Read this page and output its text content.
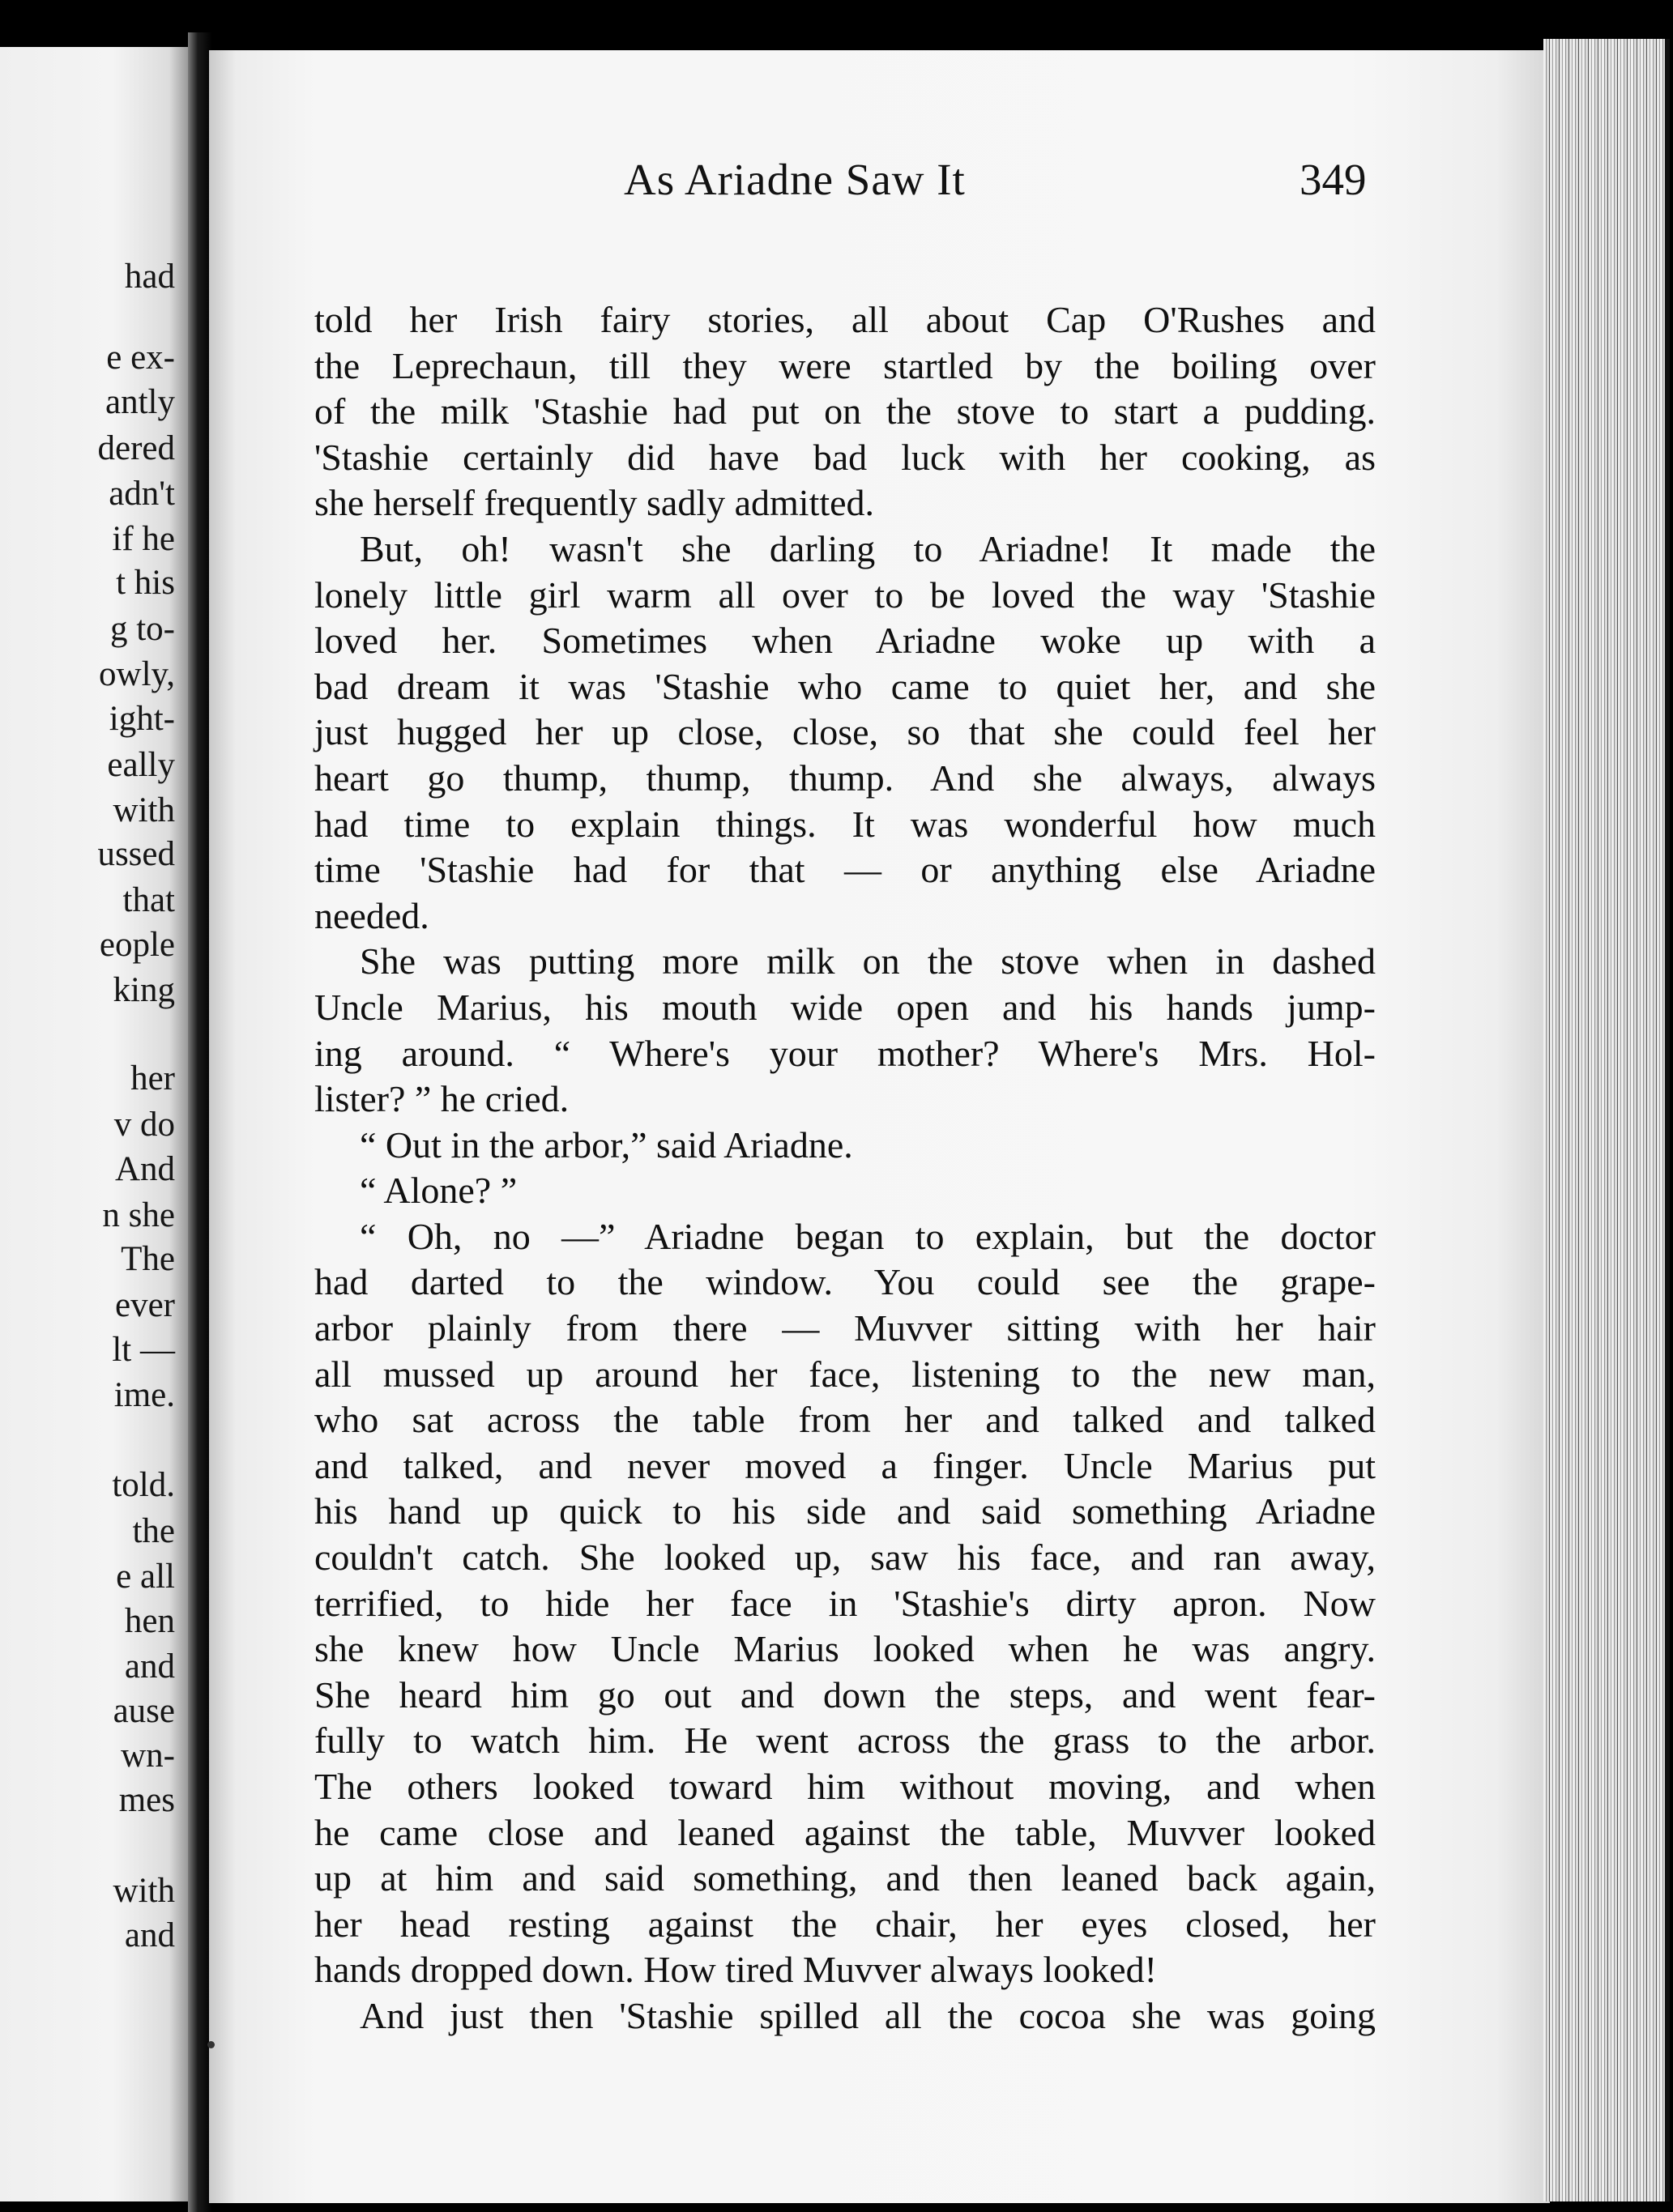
had
e ex-
antly
dered
adn't
if he
t his
g to-
owly,
ight-
eally
with
ussed
that
eople
king
her
v do
And
n she
The
ever
lt —
ime.
told.
the
e all
hen
and
ause
wn-
mes
with
and
As Ariadne Saw It	349
told her Irish fairy stories, all about Cap O'Rushes and
the Leprechaun, till they were startled by the boiling over
of the milk 'Stashie had put on the stove to start a pudding.
'Stashie certainly did have bad luck with her cooking, as
she herself frequently sadly admitted.
But, oh! wasn't she darling to Ariadne! It made the
lonely little girl warm all over to be loved the way 'Stashie
loved her. Sometimes when Ariadne woke up with a
bad dream it was 'Stashie who came to quiet her, and she
just hugged her up close, close, so that she could feel her
heart go thump, thump, thump. And she always, always
had time to explain things. It was wonderful how much
time 'Stashie had for that — or anything else Ariadne
needed.
She was putting more milk on the stove when in dashed
Uncle Marius, his mouth wide open and his hands jump-
ing around. “ Where's your mother? Where's Mrs. Hol-
lister? ” he cried.
“ Out in the arbor,” said Ariadne.
“ Alone? ”
“ Oh, no —” Ariadne began to explain, but the doctor
had darted to the window. You could see the grape-
arbor plainly from there — Muvver sitting with her hair
all mussed up around her face, listening to the new man,
who sat across the table from her and talked and talked
and talked, and never moved a finger. Uncle Marius put
his hand up quick to his side and said something Ariadne
couldn't catch. She looked up, saw his face, and ran away,
terrified, to hide her face in 'Stashie's dirty apron. Now
she knew how Uncle Marius looked when he was angry.
She heard him go out and down the steps, and went fear-
fully to watch him. He went across the grass to the arbor.
The others looked toward him without moving, and when
he came close and leaned against the table, Muvver looked
up at him and said something, and then leaned back again,
her head resting against the chair, her eyes closed, her
hands dropped down. How tired Muvver always looked!
And just then 'Stashie spilled all the cocoa she was going
